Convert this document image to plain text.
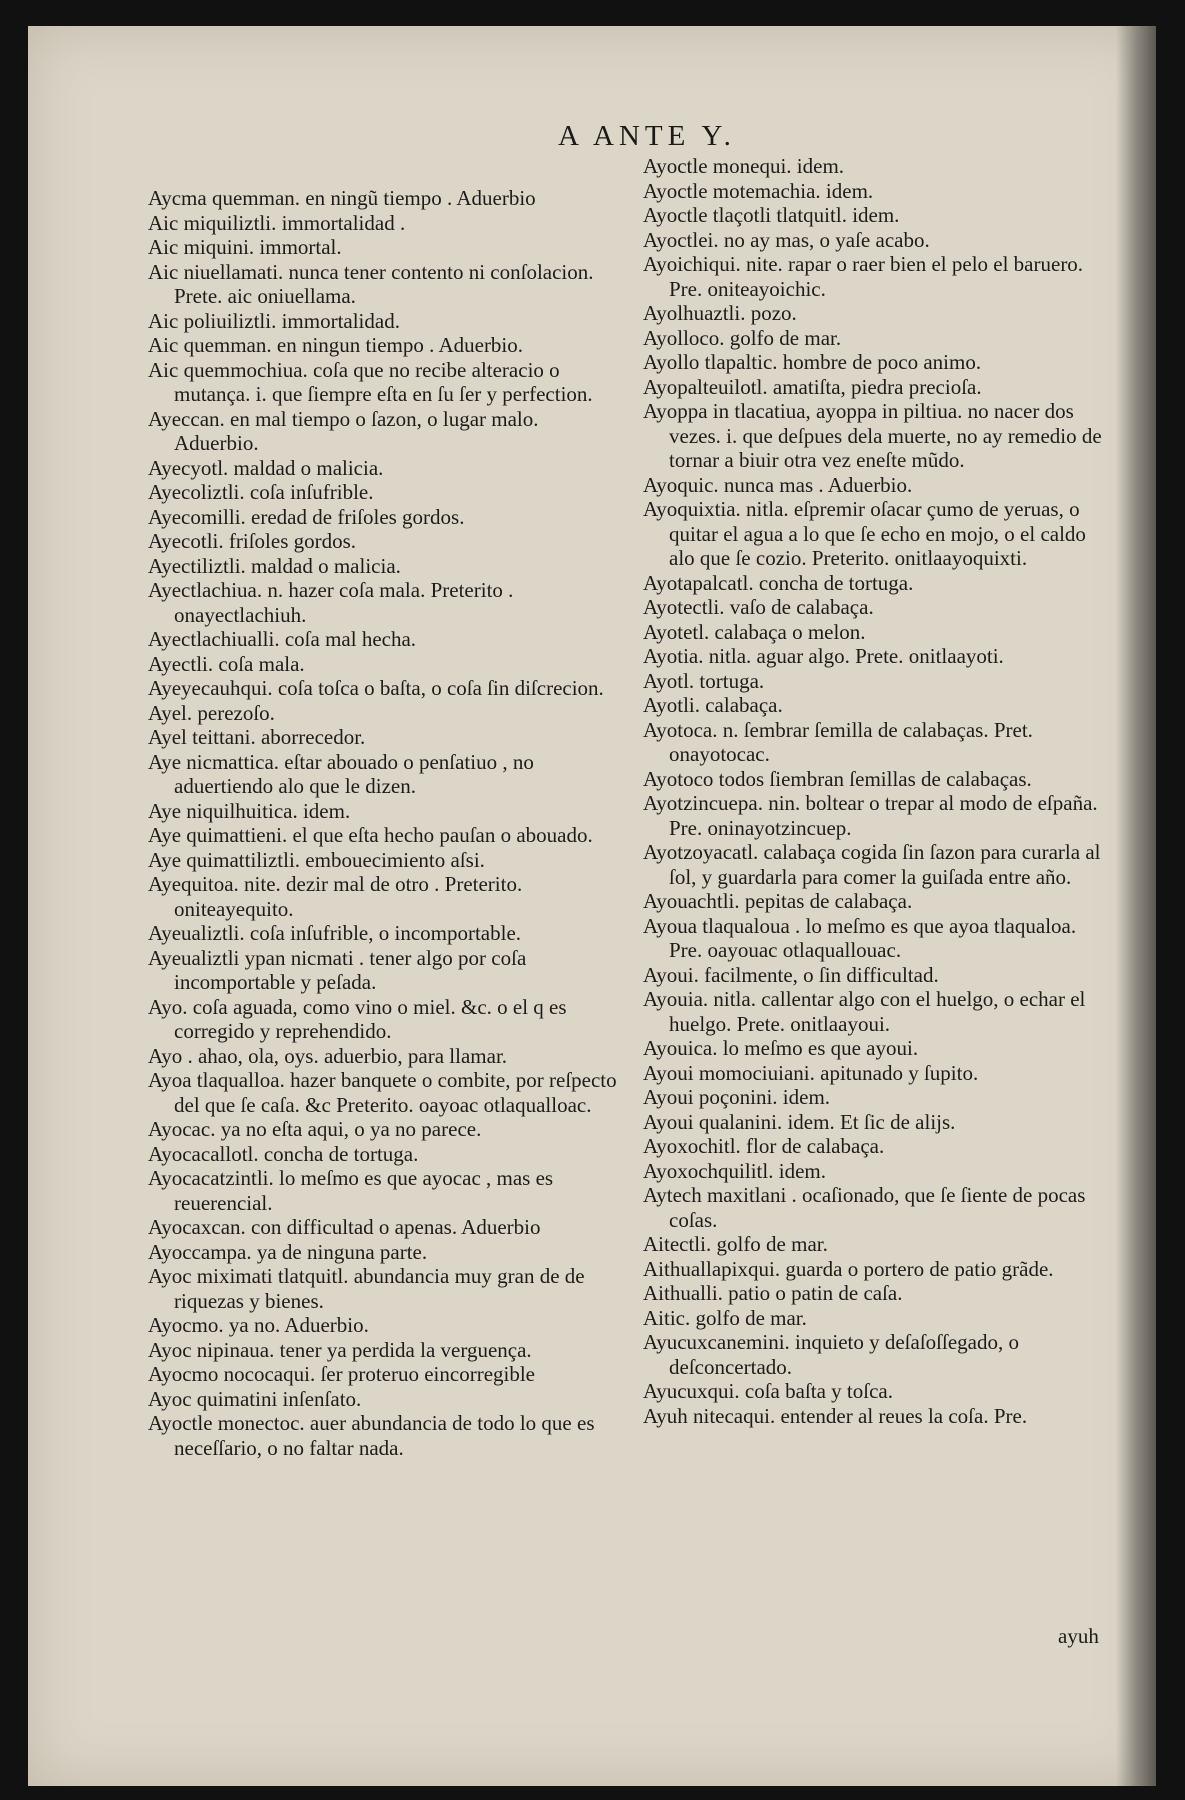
A ANTE Y.

Aycma quemman. en ningũ tiempo . Aduerbio

Aic miquiliztli. immortalidad .

Aic miquini. immortal.

Aic niuellamati. nunca tener contento ni conſolacion. Prete. aic oniuellama.

Aic poliuiliztli. immortalidad.

Aic quemman. en ningun tiempo . Aduerbio.

Aic quemmochiua. coſa que no recibe alteracio o mutança. i. que ſiempre eſta en ſu ſer y perfection.

Ayeccan. en mal tiempo o ſazon, o lugar malo. Aduerbio.

Ayecyotl. maldad o malicia.

Ayecoliztli. coſa inſufrible.

Ayecomilli. eredad de friſoles gordos.

Ayecotli. friſoles gordos.

Ayectiliztli. maldad o malicia.

Ayectlachiua. n. hazer coſa mala. Preterito . onayectlachiuh.

Ayectlachiualli. coſa mal hecha.

Ayectli. coſa mala.

Ayeyecauhqui. coſa toſca o baſta, o coſa ſin diſcrecion.

Ayel. perezoſo.

Ayel teittani. aborrecedor.

Aye nicmattica. eſtar abouado o penſatiuo , no aduertiendo alo que le dizen.

Aye niquilhuitica. idem.

Aye quimattieni. el que eſta hecho pauſan o abouado.

Aye quimattiliztli. embouecimiento aſsi.

Ayequitoa. nite. dezir mal de otro . Preterito. oniteayequito.

Ayeualiztli. coſa inſufrible, o incomportable.

Ayeualiztli ypan nicmati . tener algo por coſa incomportable y peſada.

Ayo. coſa aguada, como vino o miel. &c. o el q es corregido y reprehendido.

Ayo . ahao, ola, oys. aduerbio, para llamar.

Ayoa tlaqualloa. hazer banquete o combite, por reſpecto del que ſe caſa. &c Preterito. oayoac otlaqualloac.

Ayocac. ya no eſta aqui, o ya no parece.

Ayocacallotl. concha de tortuga.

Ayocacatzintli. lo meſmo es que ayocac , mas es reuerencial.

Ayocaxcan. con difficultad o apenas. Aduerbio

Ayoccampa. ya de ninguna parte.

Ayoc miximati tlatquitl. abundancia muy gran de de riquezas y bienes.

Ayocmo. ya no. Aduerbio.

Ayoc nipinaua. tener ya perdida la verguença.

Ayocmo nococaqui. ſer proteruo eincorregible

Ayoc quimatini inſenſato.

Ayoctle monectoc. auer abundancia de todo lo que es neceſſario, o no faltar nada.

Ayoctle monequi. idem.

Ayoctle motemachia. idem.

Ayoctle tlaçotli tlatquitl. idem.

Ayoctlei. no ay mas, o yaſe acabo.

Ayoichiqui. nite. rapar o raer bien el pelo el baruero. Pre. oniteayoichic.

Ayolhuaztli. pozo.

Ayolloco. golfo de mar.

Ayollo tlapaltic. hombre de poco animo.

Ayopalteuilotl. amatiſta, piedra precioſa.

Ayoppa in tlacatiua, ayoppa in piltiua. no nacer dos vezes. i. que deſpues dela muerte, no ay remedio de tornar a biuir otra vez eneſte mũdo.

Ayoquic. nunca mas . Aduerbio.

Ayoquixtia. nitla. eſpremir oſacar çumo de yeruas, o quitar el agua a lo que ſe echo en mojo, o el caldo alo que ſe cozio. Preterito. onitlaayoquixti.

Ayotapalcatl. concha de tortuga.

Ayotectli. vaſo de calabaça.

Ayotetl. calabaça o melon.

Ayotia. nitla. aguar algo. Prete. onitlaayoti.

Ayotl. tortuga.

Ayotli. calabaça.

Ayotoca. n. ſembrar ſemilla de calabaças. Pret. onayotocac.

Ayotoco todos ſiembran ſemillas de calabaças.

Ayotzincuepa. nin. boltear o trepar al modo de eſpaña. Pre. oninayotzincuep.

Ayotzoyacatl. calabaça cogida ſin ſazon para curarla al ſol, y guardarla para comer la guiſada entre año.

Ayouachtli. pepitas de calabaça.

Ayoua tlaqualoua . lo meſmo es que ayoa tlaqualoa. Pre. oayouac otlaquallouac.

Ayoui. facilmente, o ſin difficultad.

Ayouia. nitla. callentar algo con el huelgo, o echar el huelgo. Prete. onitlaayoui.

Ayouica. lo meſmo es que ayoui.

Ayoui momociuiani. apitunado y ſupito.

Ayoui poçonini. idem.

Ayoui qualanini. idem. Et ſic de alijs.

Ayoxochitl. flor de calabaça.

Ayoxochquilitl. idem.

Aytech maxitlani . ocaſionado, que ſe ſiente de pocas coſas.

Aitectli. golfo de mar.

Aithuallapixqui. guarda o portero de patio grãde.

Aithualli. patio o patin de caſa.

Aitic. golfo de mar.

Ayucuxcanemini. inquieto y deſaſoſſegado, o deſconcertado.

Ayucuxqui. coſa baſta y toſca.

Ayuh nitecaqui. entender al reues la coſa. Pre.

ayuh
